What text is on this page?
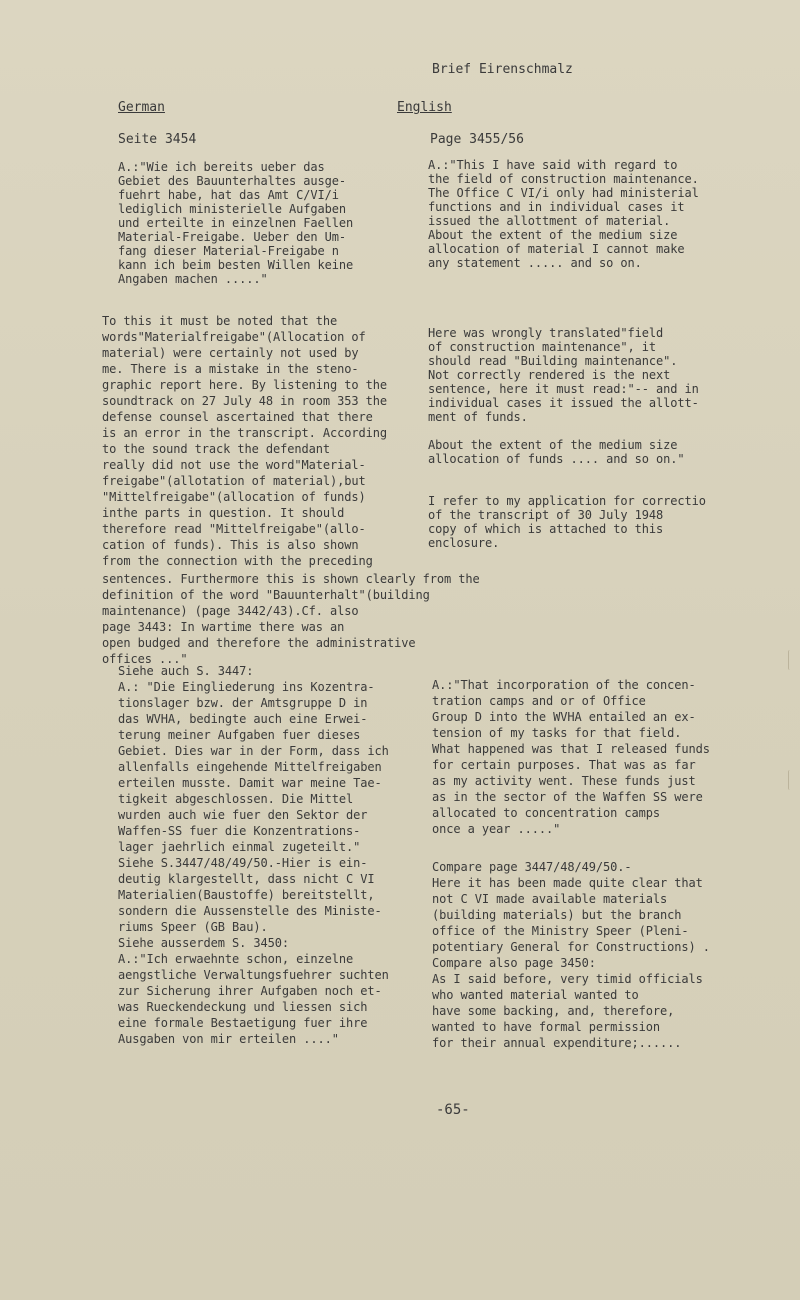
Brief Eirenschmalz
German	English
Seite 3454	Page 3455/56
A.:"Wie ich bereits ueber das
Gebiet des Bauunterhaltes ausge-
fuehrt habe, hat das Amt C/VI/i
lediglich ministerielle Aufgaben
und erteilte in einzelnen Faellen
Material-Freigabe. Ueber den Um-
fang dieser Material-Freigabe n
kann ich beim besten Willen keine
Angaben machen ....."
A.:"This I have said with regard to
the field of construction maintenance.
The Office C VI/i only had ministerial
functions and in individual cases it
issued the allottment of material.
About the extent of the medium size
allocation of material I cannot make
any statement ..... and so on.
To this it must be noted that the
words"Materialfreigabe"(Allocation of
material) were certainly not used by
me. There is a mistake in the steno-
graphic report here. By listening to the
soundtrack on 27 July 48 in room 353 the
defense counsel ascertained that there
is an error in the transcript. According
to the sound track the defendant
really did not use the word"Material-
freigabe"(allotation of material),but
"Mittelfreigabe"(allocation of funds)
inthe parts in question. It should
therefore read "Mittelfreigabe"(allo-
cation of funds). This is also shown
from the connection with the preceding
Here was wrongly translated"field
of construction maintenance", it
should read "Building maintenance".
Not correctly rendered is the next
sentence, here it must read:"-- and in
individual cases it issued the allott-
ment of funds.
About the extent of the medium size
allocation of funds .... and so on."
I refer to my application for correctio
of the transcript of 30 July 1948
copy of which is attached to this
enclosure.
sentences. Furthermore this is shown clearly from the
definition of the word "Bauunterhalt"(building
maintenance) (page 3442/43).Cf. also
page 3443: In wartime there was an
open budged and therefore the administrative
offices ..."
Siehe auch S. 3447:
A.: "Die Eingliederung ins Kozentra-
tionslager bzw. der Amtsgruppe D in
das WVHA, bedingte auch eine Erwei-
terung meiner Aufgaben fuer dieses
Gebiet. Dies war in der Form, dass ich
allenfalls eingehende Mittelfreigaben
erteilen musste. Damit war meine Tae-
tigkeit abgeschlossen. Die Mittel
wurden auch wie fuer den Sektor der
Waffen-SS fuer die Konzentrations-
lager jaehrlich einmal zugeteilt."
Siehe S.3447/48/49/50.-Hier is ein-
deutig klargestellt, dass nicht C VI
Materialien(Baustoffe) bereitstellt,
sondern die Aussenstelle des Ministe-
riums Speer (GB Bau).
Siehe ausserdem S. 3450:
A.:"Ich erwaehnte schon, einzelne
aengstliche Verwaltungsfuehrer suchten
zur Sicherung ihrer Aufgaben noch et-
was Rueckendeckung und liessen sich
eine formale Bestaetigung fuer ihre
Ausgaben von mir erteilen ...."
A.:"That incorporation of the concen-
tration camps and or of Office
Group D into the WVHA entailed an ex-
tension of my tasks for that field.
What happened was that I released funds
for certain purposes. That was as far
as my activity went. These funds just
as in the sector of the Waffen SS were
allocated to concentration camps
once a year ....."
Compare page 3447/48/49/50.-
Here it has been made quite clear that
not C VI made available materials
(building materials) but the branch
office of the Ministry Speer (Pleni-
potentiary General for Constructions) .
Compare also page 3450:
As I said before, very timid officials
who wanted material wanted to
have some backing, and, therefore,
wanted to have formal permission
for their annual expenditure;......
-65-
